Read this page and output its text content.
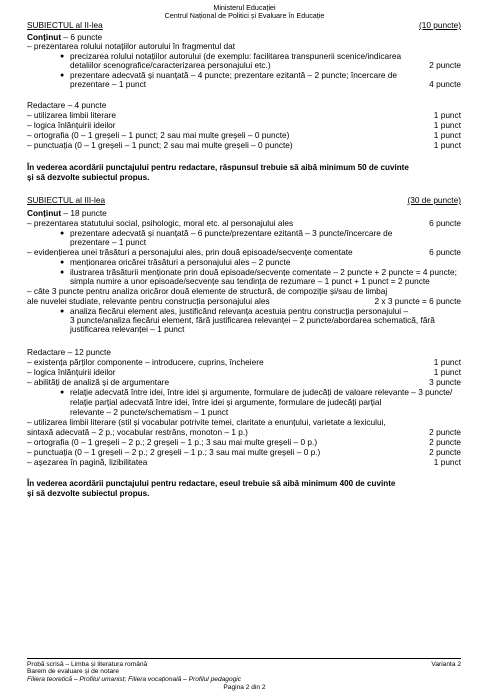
Ministerul Educației
Centrul Național de Politici și Evaluare în Educație
SUBIECTUL al II-lea	(10 puncte)
Conținut – 6 puncte
– prezentarea rolului notațiilor autorului în fragmentul dat
● precizarea rolului notațiilor autorului (de exemplu: facilitarea transpunerii scenice/indicarea
detaliilor scenografice/caracterizarea personajului etc.)	2 puncte
● prezentare adecvată și nuanțată – 4 puncte; prezentare ezitantă – 2 puncte; încercare de
prezentare – 1 punct	4 puncte
Redactare – 4 puncte
– utilizarea limbii literare	1 punct
– logica înlănțuirii ideilor	1 punct
– ortografia (0 – 1 greșeli – 1 punct; 2 sau mai multe greșeli – 0 puncte)	1 punct
– punctuația (0 – 1 greșeli – 1 punct; 2 sau mai multe greșeli – 0 puncte)	1 punct
În vederea acordării punctajului pentru redactare, răspunsul trebuie să aibă minimum 50 de cuvinte
și să dezvolte subiectul propus.
SUBIECTUL al III-lea	(30 de puncte)
Conținut – 18 puncte
– prezentarea statutului social, psihologic, moral etc. al personajului ales	6 puncte
● prezentare adecvată și nuanțată – 6 puncte/prezentare ezitantă – 3 puncte/încercare de
prezentare – 1 punct
– evidențierea unei trăsături a personajului ales, prin două episoade/secvențe comentate	6 puncte
● menționarea oricărei trăsături a personajului ales – 2 puncte
● ilustrarea trăsăturii menționate prin două episoade/secvențe comentate – 2 puncte + 2 puncte = 4 puncte;
simpla numire a unor episoade/secvențe sau tendința de rezumare – 1 punct + 1 punct = 2 puncte
– câte 3 puncte pentru analiza oricăror două elemente de structură, de compoziție și/sau de limbaj
ale nuvelei studiate, relevante pentru construcția personajului ales	2 x 3 puncte = 6 puncte
● analiza fiecărui element ales, justificând relevanța acestuia pentru construcția personajului –
3 puncte/analiza fiecărui element, fără justificarea relevanței – 2 puncte/abordarea schematică, fără
justificarea relevanței – 1 punct
Redactare – 12 puncte
– existența părților componente – introducere, cuprins, încheiere	1 punct
– logica înlănțuirii ideilor	1 punct
– abilități de analiză și de argumentare	3 puncte
● relație adecvată între idei, între idei și argumente, formulare de judecăți de valoare relevante – 3 puncte/
relație parțial adecvată între idei, între idei și argumente, formulare de judecăți parțial
relevante – 2 puncte/schematism – 1 punct
– utilizarea limbii literare (stil și vocabular potrivite temei, claritate a enunțului, varietate a lexicului,
sintaxă adecvată – 2 p.; vocabular restrâns, monoton – 1 p.)	2 puncte
– ortografia (0 – 1 greșeli – 2 p.; 2 greșeli – 1 p.; 3 sau mai multe greșeli – 0 p.)	2 puncte
– punctuația (0 – 1 greșeli – 2 p.; 2 greșeli – 1 p.; 3 sau mai multe greșeli – 0 p.)	2 puncte
– așezarea în pagină, lizibilitatea	1 punct
În vederea acordării punctajului pentru redactare, eseul trebuie să aibă minimum 400 de cuvinte
și să dezvolte subiectul propus.
Probă scrisă – Limba și literatura română
Barem de evaluare și de notare
Filiera teoretică – Profilul umanist; Filiera vocațională – Profilul pedagogic
Varianta 2
Pagina 2 din 2
